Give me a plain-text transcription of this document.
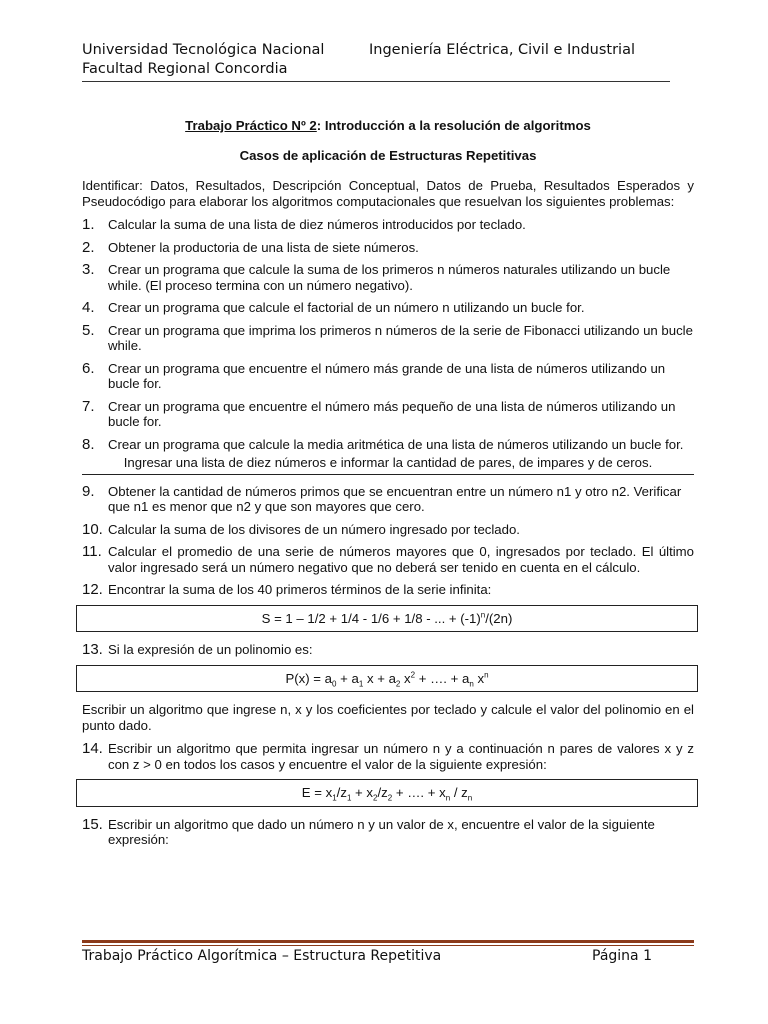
Universidad Tecnológica Nacional	Ingeniería Eléctrica, Civil e Industrial
Facultad Regional Concordia
Trabajo Práctico Nº 2: Introducción a la resolución de algoritmos
Casos de aplicación de Estructuras Repetitivas
Identificar: Datos, Resultados, Descripción Conceptual, Datos de Prueba, Resultados Esperados y Pseudocódigo para elaborar los algoritmos computacionales que resuelvan los siguientes problemas:
1.	Calcular la suma de una lista de diez números introducidos por teclado.
2.	Obtener la productoria de una lista de siete números.
3.	Crear un programa que calcule la suma de los primeros n números naturales utilizando un bucle while. (El proceso termina con un número negativo).
4.	Crear un programa que calcule el factorial de un número n utilizando un bucle for.
5.	Crear un programa que imprima los primeros n números de la serie de Fibonacci utilizando un bucle while.
6.	Crear un programa que encuentre el número más grande de una lista de números utilizando un bucle for.
7.	Crear un programa que encuentre el número más pequeño de una lista de números utilizando un bucle for.
8.	Crear un programa que calcule la media aritmética de una lista de números utilizando un bucle for.
Ingresar una lista de diez números e informar la cantidad de pares, de impares y de ceros.
9.	Obtener la cantidad de números primos que se encuentran entre un número n1 y otro n2. Verificar que n1 es menor que n2 y que son mayores que cero.
10. Calcular la suma de los divisores de un número ingresado por teclado.
11. Calcular el promedio de una serie de números mayores que 0, ingresados por teclado. El último valor ingresado será un número negativo que no deberá ser tenido en cuenta en el cálculo.
12. Encontrar la suma de los 40 primeros términos de la serie infinita:
S = 1 – 1/2 + 1/4 - 1/6 + 1/8 - ... + $(-1)^n/(2n)$
13. Si la expresión de un polinomio es:
$P(x) = a_0 + a_1$ $x + a_2$ $x^2$ + …. + $a_n$ $x^n$
Escribir un algoritmo que ingrese n, x y los coeficientes por teclado y calcule el valor del polinomio en el punto dado.
14. Escribir un algoritmo que permita ingresar un número n y a continuación n pares de valores x y z con z > 0 en todos los casos y encuentre el valor de la siguiente expresión:
$E = x_1/z_1 + x_2/z_2$ + …. + $x_n / z_n$
15. Escribir un algoritmo que dado un número n y un valor de x, encuentre el valor de la siguiente expresión:
Trabajo Práctico Algorítmica – Estructura Repetitiva	Página 1
